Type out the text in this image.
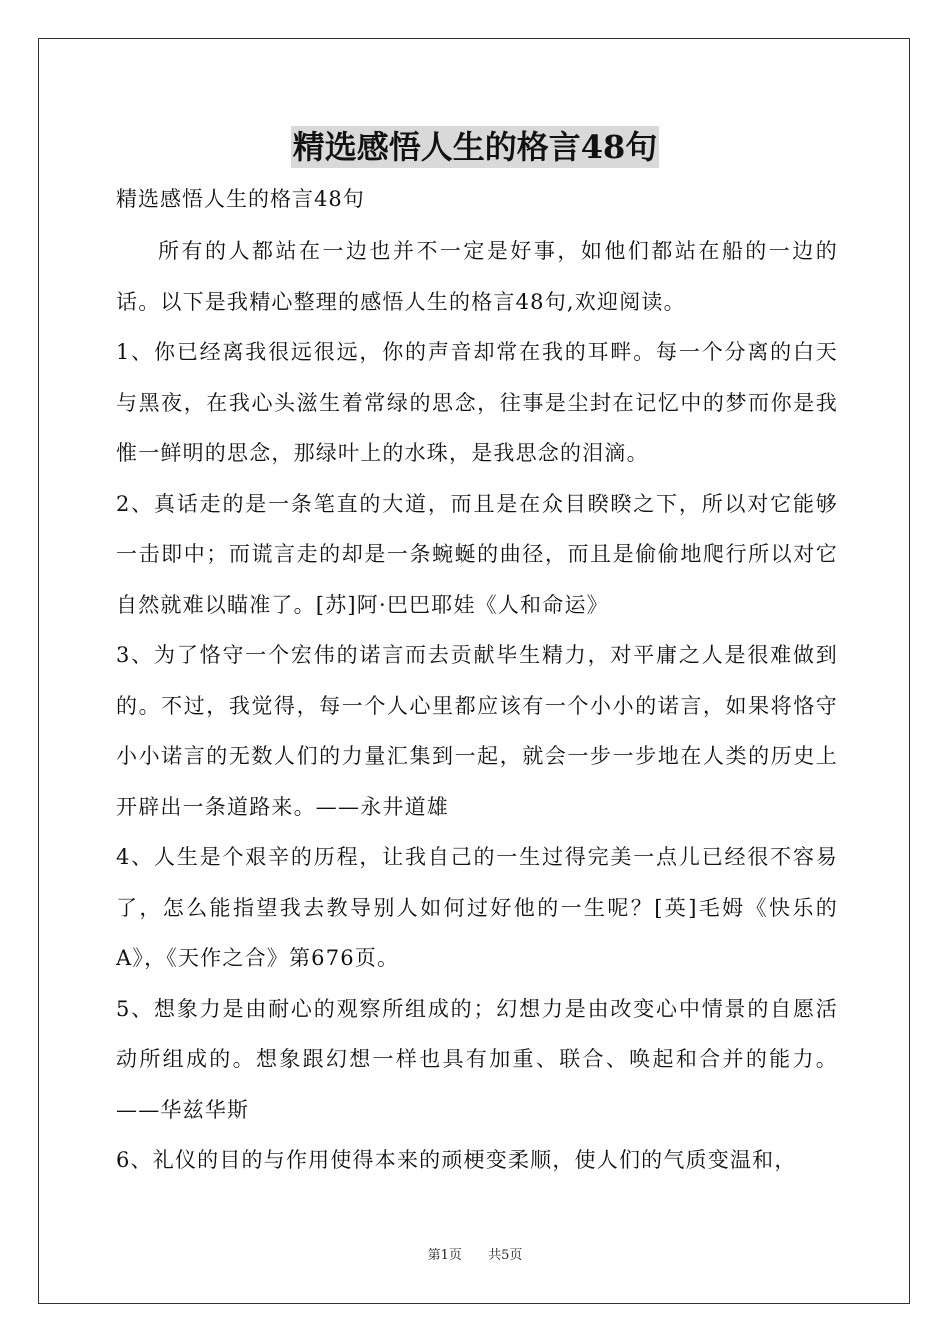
精选感悟人生的格言48句

精选感悟人生的格言48句

所有的人都站在一边也并不一定是好事，如他们都站在船的一边的话。以下是我精心整理的感悟人生的格言48句,欢迎阅读。

1、你已经离我很远很远，你的声音却常在我的耳畔。每一个分离的白天与黑夜，在我心头滋生着常绿的思念，往事是尘封在记忆中的梦而你是我惟一鲜明的思念，那绿叶上的水珠，是我思念的泪滴。

2、真话走的是一条笔直的大道，而且是在众目睽睽之下，所以对它能够一击即中；而谎言走的却是一条蜿蜒的曲径，而且是偷偷地爬行所以对它自然就难以瞄准了。[苏]阿·巴巴耶娃《人和命运》

3、为了恪守一个宏伟的诺言而去贡献毕生精力，对平庸之人是很难做到的。不过，我觉得，每一个人心里都应该有一个小小的诺言，如果将恪守小小诺言的无数人们的力量汇集到一起，就会一步一步地在人类的历史上开辟出一条道路来。——永井道雄

4、人生是个艰辛的历程，让我自己的一生过得完美一点儿已经很不容易了，怎么能指望我去教导别人如何过好他的一生呢？[英]毛姆《快乐的A》，《天作之合》第676页。

5、想象力是由耐心的观察所组成的；幻想力是由改变心中情景的自愿活动所组成的。想象跟幻想一样也具有加重、联合、唤起和合并的能力。——华兹华斯

6、礼仪的目的与作用使得本来的顽梗变柔顺，使人们的气质变温和，

第1页 共5页
